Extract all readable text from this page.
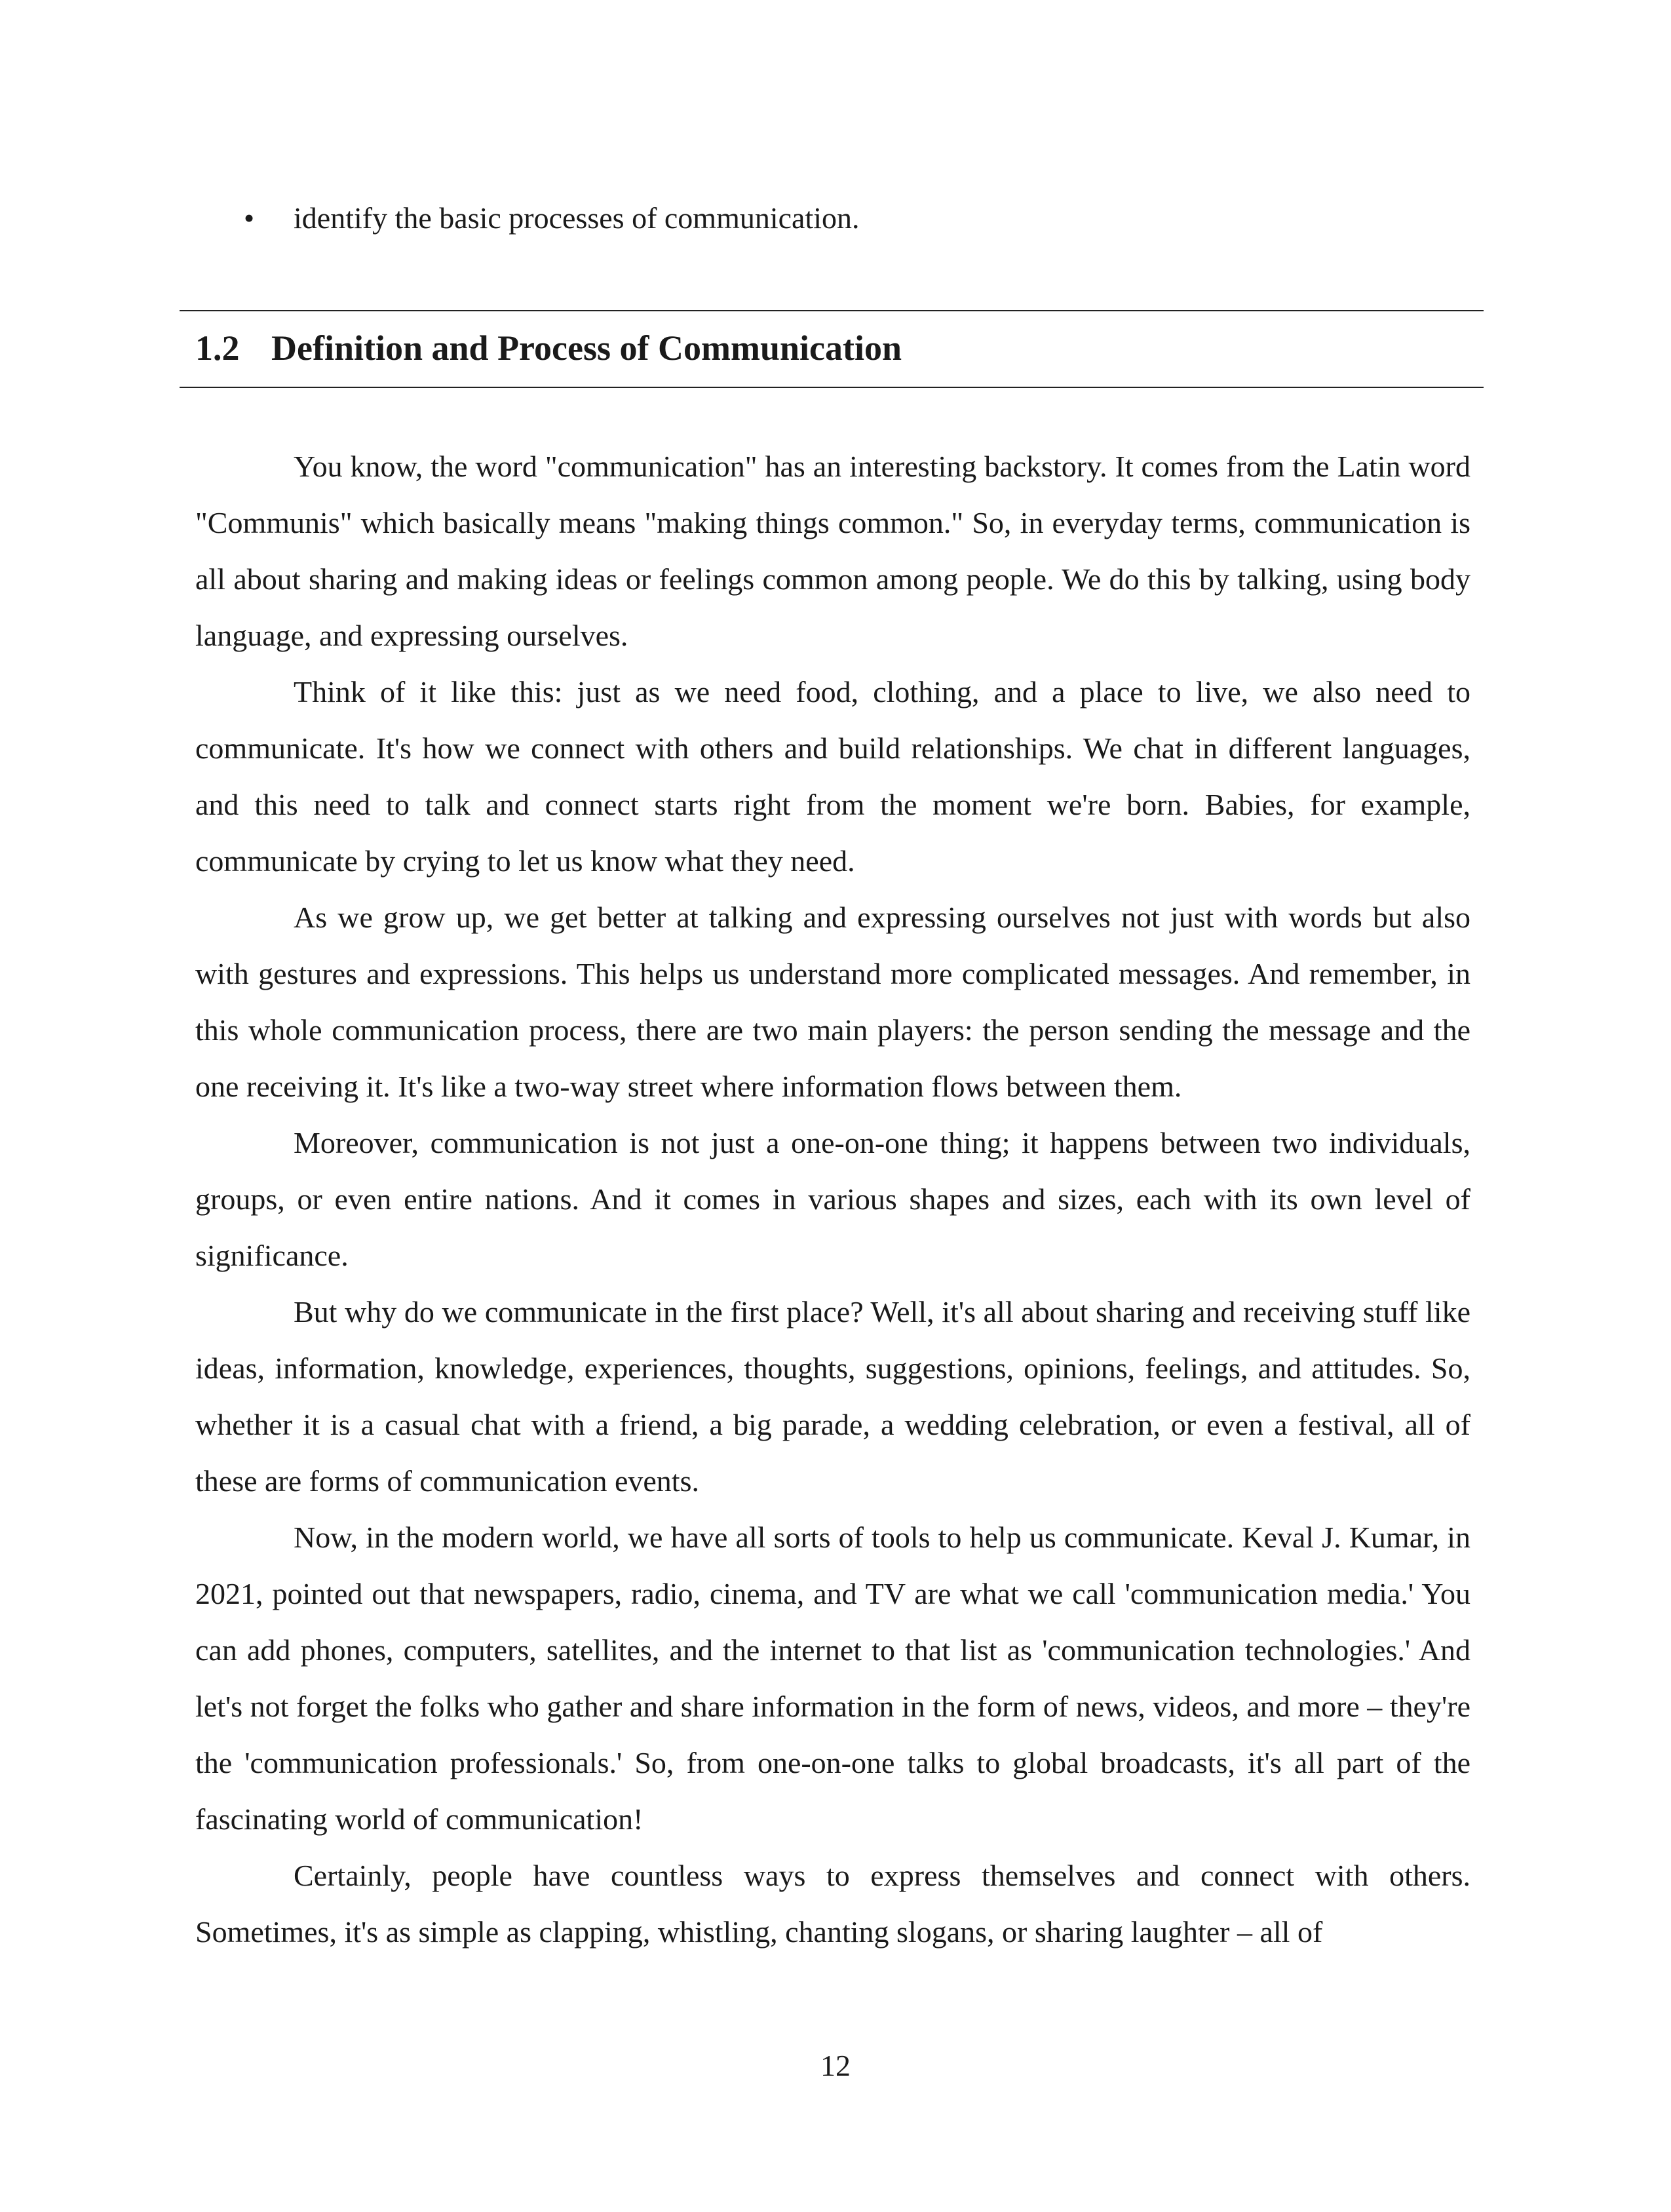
• identify the basic processes of communication.
1.2 Definition and Process of Communication

You know, the word "communication" has an interesting backstory. It comes from the Latin word "Communis" which basically means "making things common." So, in everyday terms, communication is all about sharing and making ideas or feelings common among people. We do this by talking, using body language, and expressing ourselves.

Think of it like this: just as we need food, clothing, and a place to live, we also need to communicate. It's how we connect with others and build relationships. We chat in different languages, and this need to talk and connect starts right from the moment we're born. Babies, for example, communicate by crying to let us know what they need.

As we grow up, we get better at talking and expressing ourselves not just with words but also with gestures and expressions. This helps us understand more complicated messages. And remember, in this whole communication process, there are two main players: the person sending the message and the one receiving it. It's like a two-way street where information flows between them.

Moreover, communication is not just a one-on-one thing; it happens between two individuals, groups, or even entire nations. And it comes in various shapes and sizes, each with its own level of significance.

But why do we communicate in the first place? Well, it's all about sharing and receiving stuff like ideas, information, knowledge, experiences, thoughts, suggestions, opinions, feelings, and attitudes. So, whether it is a casual chat with a friend, a big parade, a wedding celebration, or even a festival, all of these are forms of communication events.

Now, in the modern world, we have all sorts of tools to help us communicate. Keval J. Kumar, in 2021, pointed out that newspapers, radio, cinema, and TV are what we call 'communication media.' You can add phones, computers, satellites, and the internet to that list as 'communication technologies.' And let's not forget the folks who gather and share information in the form of news, videos, and more – they're the 'communication professionals.' So, from one-on-one talks to global broadcasts, it's all part of the fascinating world of communication!

Certainly, people have countless ways to express themselves and connect with others. Sometimes, it's as simple as clapping, whistling, chanting slogans, or sharing laughter – all of

12
